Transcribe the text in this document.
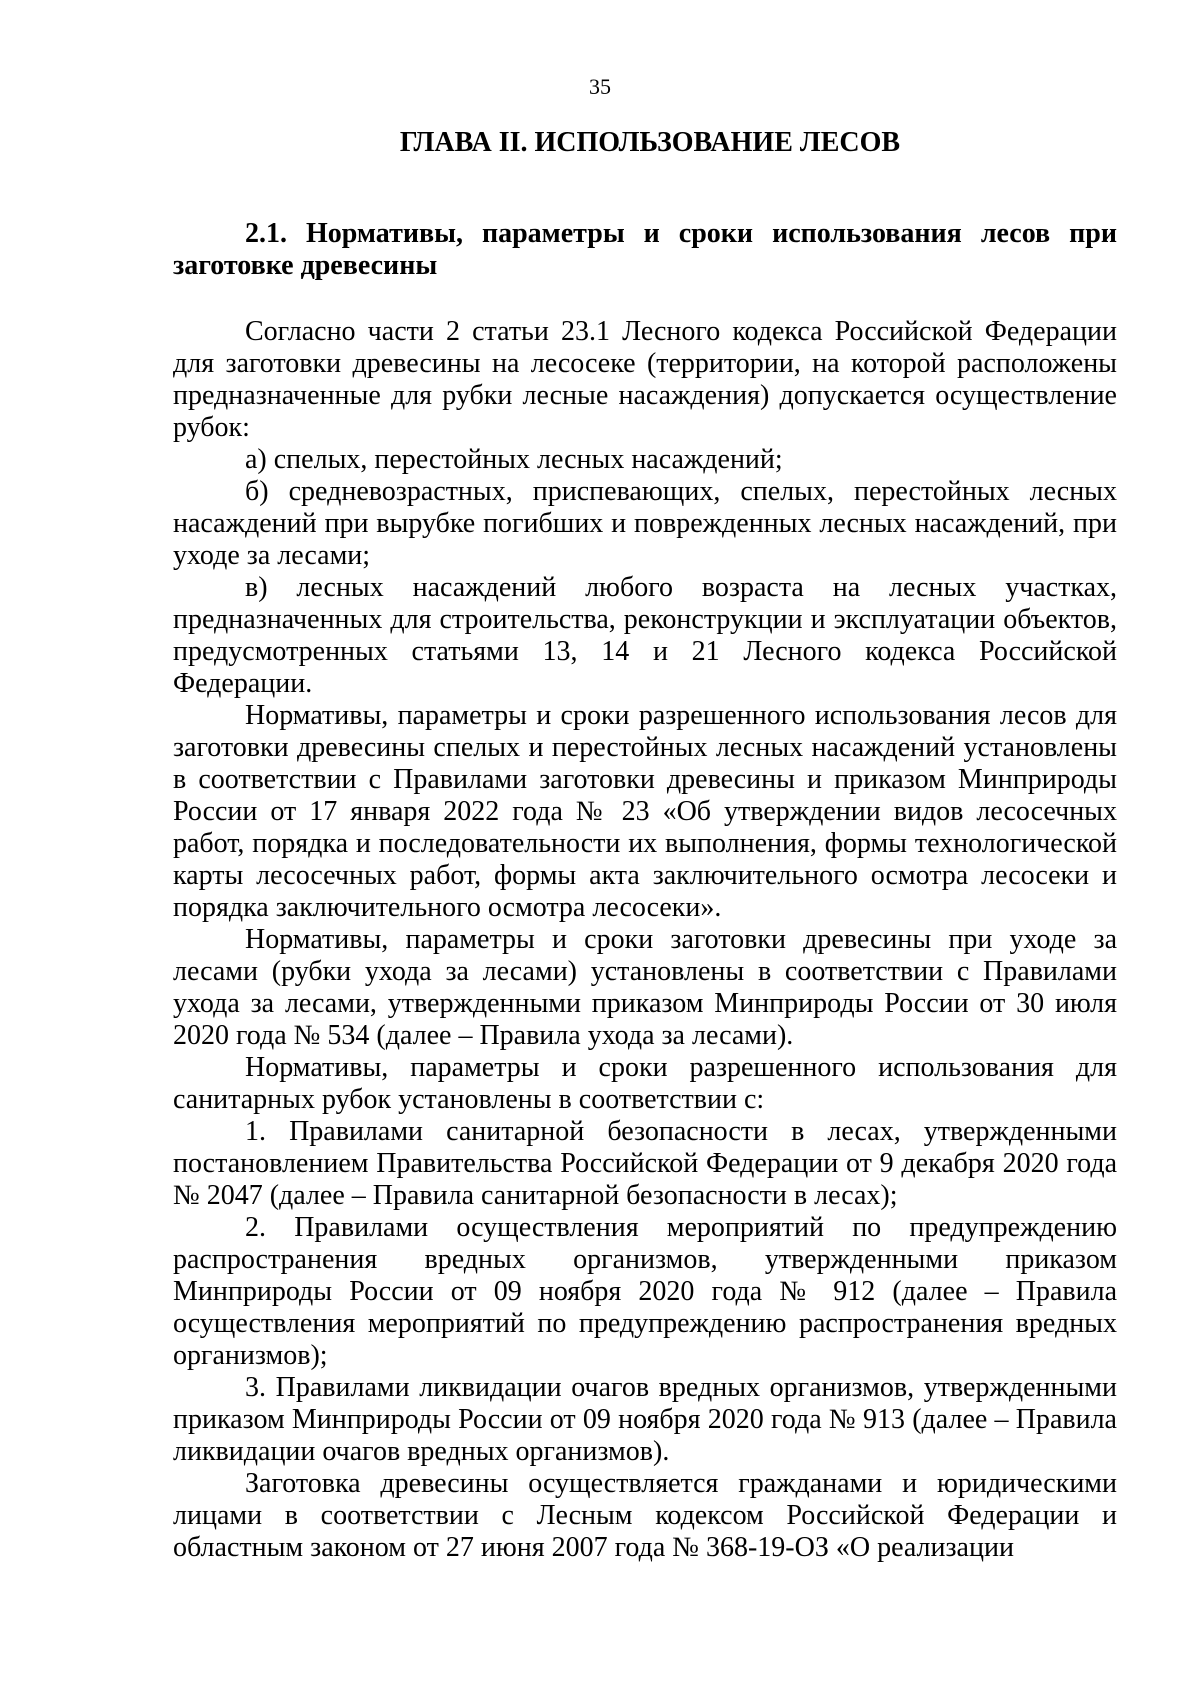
35
ГЛАВА II. ИСПОЛЬЗОВАНИЕ ЛЕСОВ
2.1. Нормативы, параметры и сроки использования лесов при заготовке древесины

Согласно части 2 статьи 23.1 Лесного кодекса Российской Федерации для заготовки древесины на лесосеке (территории, на которой расположены предназначенные для рубки лесные насаждения) допускается осуществление рубок:

а) спелых, перестойных лесных насаждений;

б) средневозрастных, приспевающих, спелых, перестойных лесных насаждений при вырубке погибших и поврежденных лесных насаждений, при уходе за лесами;

в) лесных насаждений любого возраста на лесных участках, предназначенных для строительства, реконструкции и эксплуатации объектов, предусмотренных статьями 13, 14 и 21 Лесного кодекса Российской Федерации.

Нормативы, параметры и сроки разрешенного использования лесов для заготовки древесины спелых и перестойных лесных насаждений установлены в соответствии с Правилами заготовки древесины и приказом Минприроды России от 17 января 2022 года № 23 «Об утверждении видов лесосечных работ, порядка и последовательности их выполнения, формы технологической карты лесосечных работ, формы акта заключительного осмотра лесосеки и порядка заключительного осмотра лесосеки».

Нормативы, параметры и сроки заготовки древесины при уходе за лесами (рубки ухода за лесами) установлены в соответствии с Правилами ухода за лесами, утвержденными приказом Минприроды России от 30 июля 2020 года № 534 (далее – Правила ухода за лесами).

Нормативы, параметры и сроки разрешенного использования для санитарных рубок установлены в соответствии с:

1. Правилами санитарной безопасности в лесах, утвержденными постановлением Правительства Российской Федерации от 9 декабря 2020 года № 2047 (далее – Правила санитарной безопасности в лесах);

2. Правилами осуществления мероприятий по предупреждению распространения вредных организмов, утвержденными приказом Минприроды России от 09 ноября 2020 года № 912 (далее – Правила осуществления мероприятий по предупреждению распространения вредных организмов);

3. Правилами ликвидации очагов вредных организмов, утвержденными приказом Минприроды России от 09 ноября 2020 года № 913 (далее – Правила ликвидации очагов вредных организмов).

Заготовка древесины осуществляется гражданами и юридическими лицами в соответствии с Лесным кодексом Российской Федерации и областным законом от 27 июня 2007 года № 368-19-ОЗ «О реализации
